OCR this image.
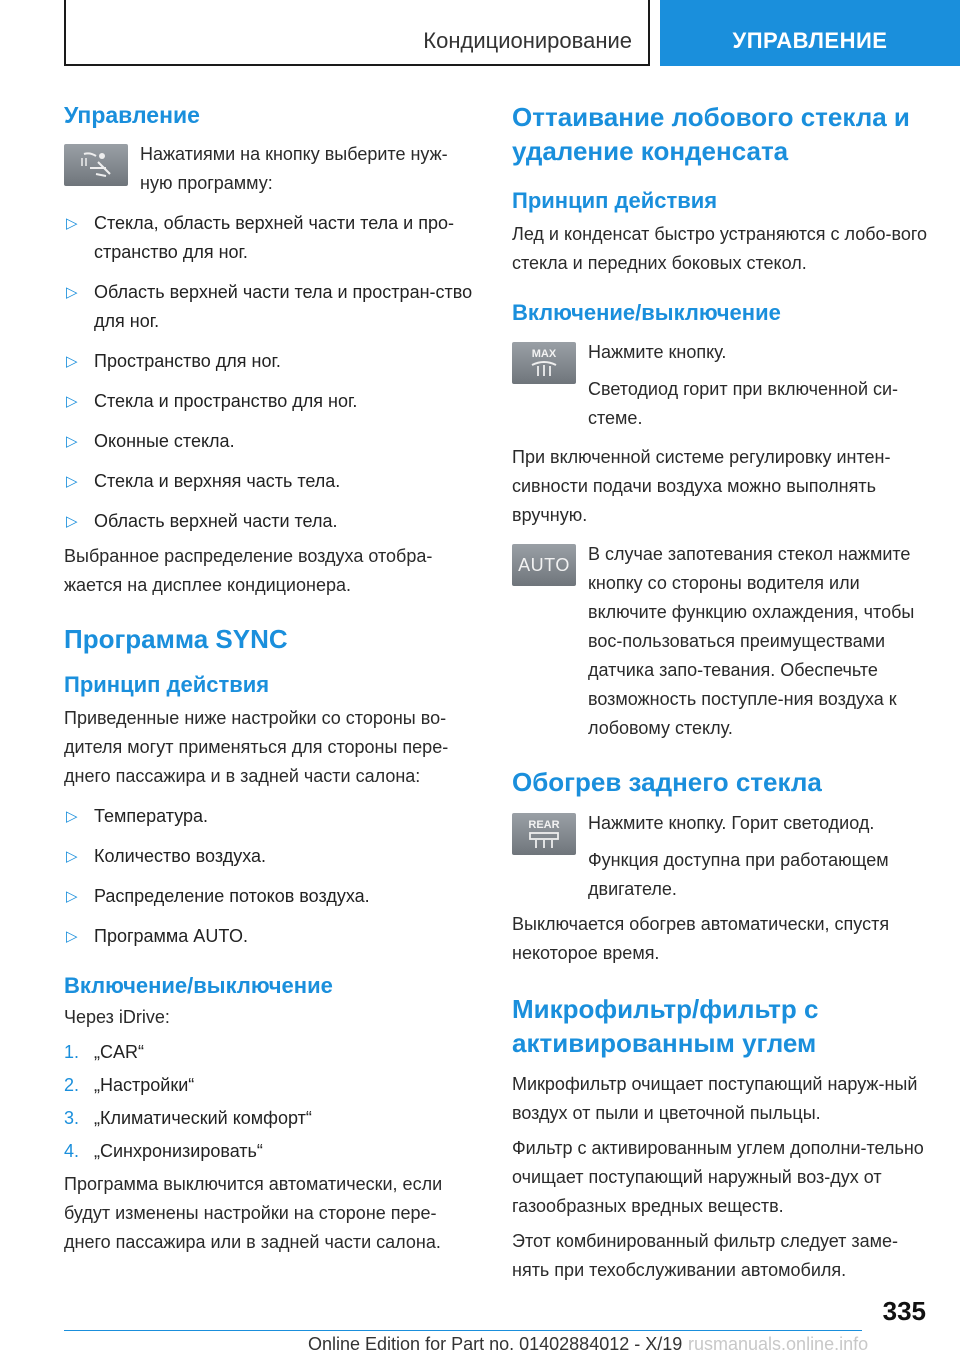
Кондиционирование	УПРАВЛЕНИЕ
Управление
Нажатиями на кнопку выберите нуж-ную программу:
▷ Стекла, область верхней части тела и про-странство для ног.
▷ Область верхней части тела и простран-ство для ног.
▷ Пространство для ног.
▷ Стекла и пространство для ног.
▷ Оконные стекла.
▷ Стекла и верхняя часть тела.
▷ Область верхней части тела.
Выбранное распределение воздуха отобра-жается на дисплее кондиционера.
Программа SYNC
Принцип действия
Приведенные ниже настройки со стороны во-дителя могут применяться для стороны пере-днего пассажира и в задней части салона:
▷ Температура.
▷ Количество воздуха.
▷ Распределение потоков воздуха.
▷ Программа AUTO.
Включение/выключение
Через iDrive:
1. „CAR“
2. „Настройки“
3. „Климатический комфорт“
4. „Синхронизировать“
Программа выключится автоматически, если будут изменены настройки на стороне пере-днего пассажира или в задней части салона.
Оттаивание лобового стекла и удаление конденсата
Принцип действия
Лед и конденсат быстро устраняются с лобо-вого стекла и передних боковых стекол.
Включение/выключение
MAX Нажмите кнопку.
Светодиод горит при включенной си-стеме.
При включенной системе регулировку интен-сивности подачи воздуха можно выполнять вручную.
AUTO
В случае запотевания стекол нажмите кнопку со стороны водителя или включите функцию охлаждения, чтобы вос-пользоваться преимуществами датчика запо-тевания. Обеспечьте возможность поступле-ния воздуха к лобовому стеклу.
Обогрев заднего стекла
REAR Нажмите кнопку. Горит светодиод.
Функция доступна при работающем двигателе.
Выключается обогрев автоматически, спустя некоторое время.
Микрофильтр/фильтр с активированным углем
Микрофильтр очищает поступающий наруж-ный воздух от пыли и цветочной пыльцы.
Фильтр с активированным углем дополни-тельно очищает поступающий наружный воз-дух от газообразных вредных веществ.
Этот комбинированный фильтр следует заме-нять при техобслуживании автомобиля.
335
Online Edition for Part no. 01402884012 - X/19 rusmanuals.online.info
